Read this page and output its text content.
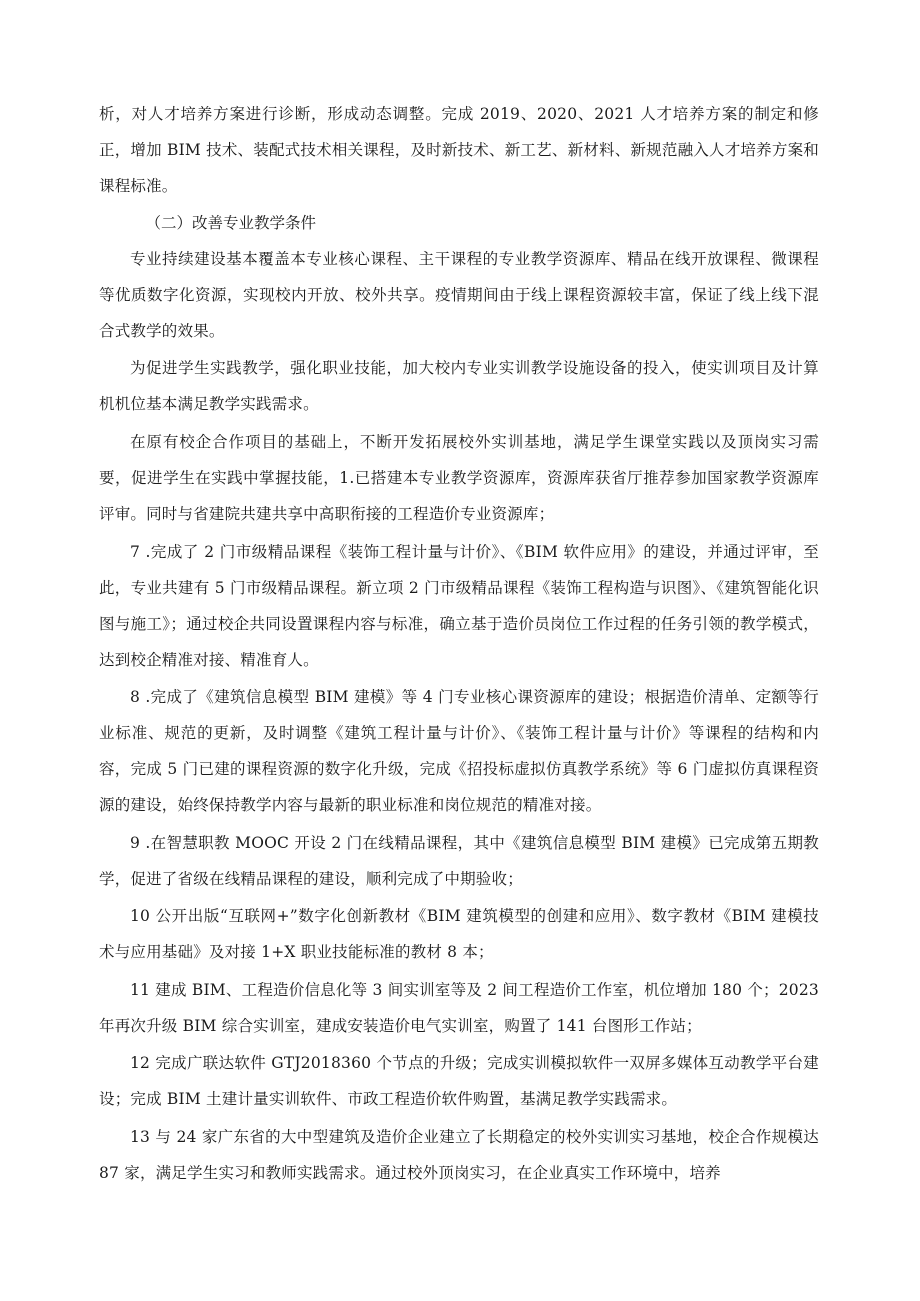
析，对人才培养方案进行诊断，形成动态调整。完成 2019、2020、2021 人才培养方案的制定和修正，增加 BIM 技术、装配式技术相关课程，及时新技术、新工艺、新材料、新规范融入人才培养方案和课程标准。

（二）改善专业教学条件

专业持续建设基本覆盖本专业核心课程、主干课程的专业教学资源库、精品在线开放课程、微课程等优质数字化资源，实现校内开放、校外共享。疫情期间由于线上课程资源较丰富，保证了线上线下混合式教学的效果。

为促进学生实践教学，强化职业技能，加大校内专业实训教学设施设备的投入，使实训项目及计算机机位基本满足教学实践需求。

在原有校企合作项目的基础上，不断开发拓展校外实训基地，满足学生课堂实践以及顶岗实习需要，促进学生在实践中掌握技能，1.已搭建本专业教学资源库，资源库获省厅推荐参加国家教学资源库评审。同时与省建院共建共享中高职衔接的工程造价专业资源库；

7 .完成了 2 门市级精品课程《装饰工程计量与计价》、《BIM 软件应用》的建设，并通过评审，至此，专业共建有 5 门市级精品课程。新立项 2 门市级精品课程《装饰工程构造与识图》、《建筑智能化识图与施工》；通过校企共同设置课程内容与标准，确立基于造价员岗位工作过程的任务引领的教学模式，达到校企精准对接、精准育人。

8 .完成了《建筑信息模型 BIM 建模》等 4 门专业核心课资源库的建设；根据造价清单、定额等行业标准、规范的更新，及时调整《建筑工程计量与计价》、《装饰工程计量与计价》等课程的结构和内容，完成 5 门已建的课程资源的数字化升级，完成《招投标虚拟仿真教学系统》等 6 门虚拟仿真课程资源的建设，始终保持教学内容与最新的职业标准和岗位规范的精准对接。

9 .在智慧职教 MOOC 开设 2 门在线精品课程，其中《建筑信息模型 BIM 建模》已完成第五期教学，促进了省级在线精品课程的建设，顺利完成了中期验收；

10 公开出版“互联网+”数字化创新教材《BIM 建筑模型的创建和应用》、数字教材《BIM 建模技术与应用基础》及对接 1+X 职业技能标准的教材 8 本；

11 建成 BIM、工程造价信息化等 3 间实训室等及 2 间工程造价工作室，机位增加 180 个；2023 年再次升级 BIM 综合实训室，建成安装造价电气实训室，购置了 141 台图形工作站；

12 完成广联达软件 GTJ2018360 个节点的升级；完成实训模拟软件一双屏多媒体互动教学平台建设；完成 BIM 土建计量实训软件、市政工程造价软件购置，基满足教学实践需求。

13 与 24 家广东省的大中型建筑及造价企业建立了长期稳定的校外实训实习基地，校企合作规模达 87 家，满足学生实习和教师实践需求。通过校外顶岗实习，在企业真实工作环境中，培养
